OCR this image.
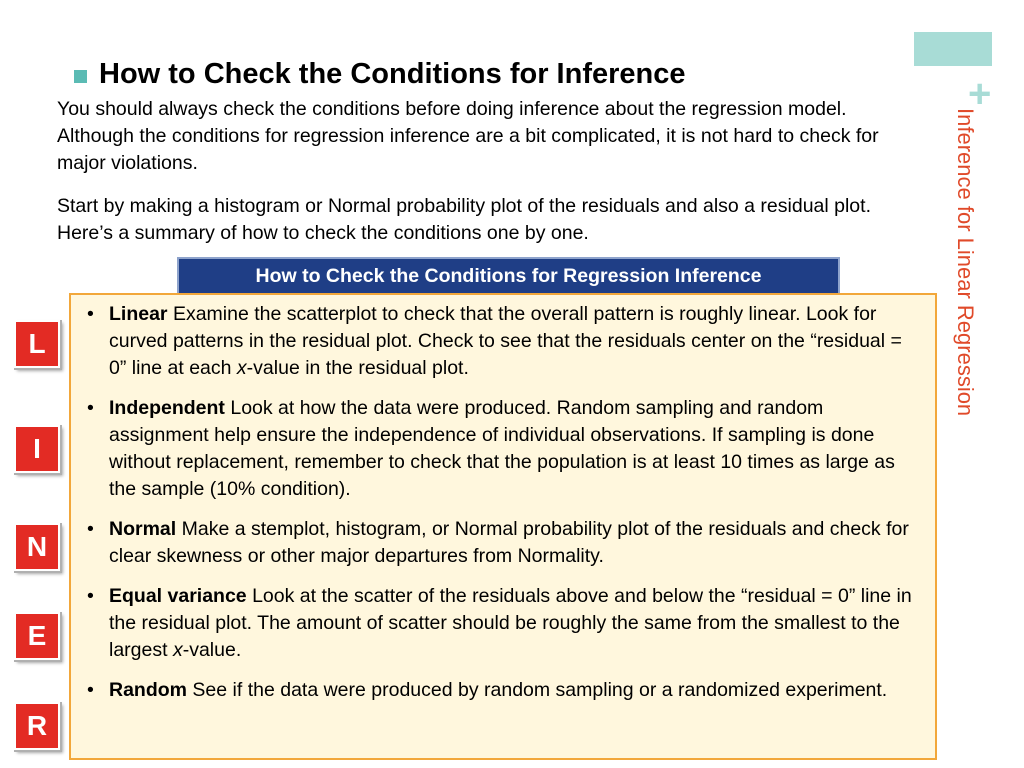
+
Inference for Linear Regression
How to Check the Conditions for Inference

You should always check the conditions before doing inference about the regression model. Although the conditions for regression inference are a bit complicated, it is not hard to check for major violations.

Start by making a histogram or Normal probability plot of the residuals and also a residual plot. Here’s a summary of how to check the conditions one by one.

How to Check the Conditions for Regression Inference
• Linear Examine the scatterplot to check that the overall pattern is roughly linear. Look for curved patterns in the residual plot. Check to see that the residuals center on the “residual = 0” line at each x-value in the residual plot.
• Independent Look at how the data were produced. Random sampling and random assignment help ensure the independence of individual observations. If sampling is done without replacement, remember to check that the population is at least 10 times as large as the sample (10% condition).
• Normal Make a stemplot, histogram, or Normal probability plot of the residuals and check for clear skewness or other major departures from Normality.
• Equal variance Look at the scatter of the residuals above and below the “residual = 0” line in the residual plot. The amount of scatter should be roughly the same from the smallest to the largest x-value.
• Random See if the data were produced by random sampling or a randomized experiment.
L
I
N
E
R
